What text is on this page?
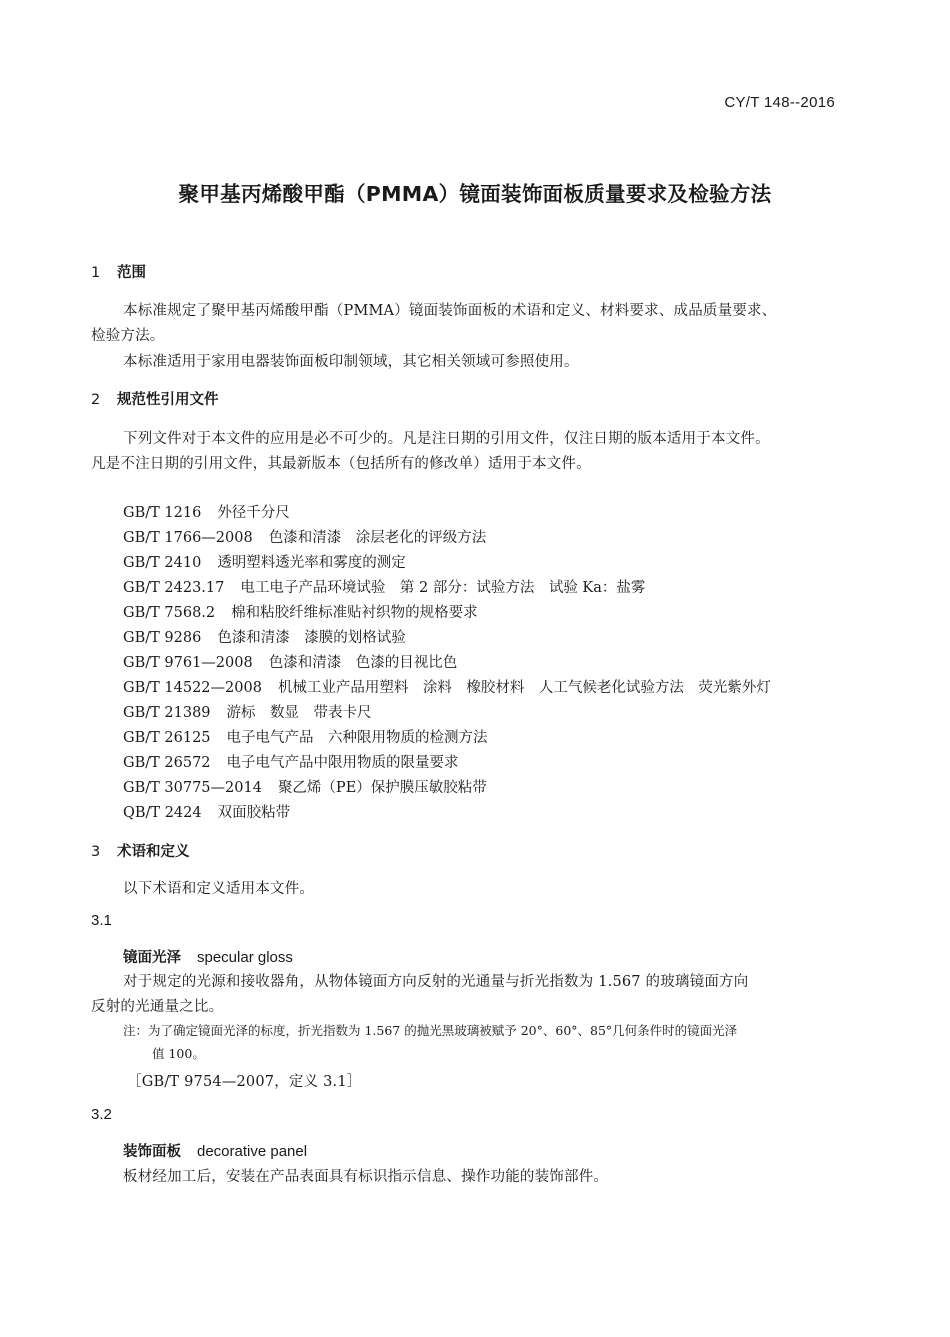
CY/T 148--2016
聚甲基丙烯酸甲酯（PMMA）镜面装饰面板质量要求及检验方法
1 范围
本标准规定了聚甲基丙烯酸甲酯（PMMA）镜面装饰面板的术语和定义、材料要求、成品质量要求、
检验方法。
本标准适用于家用电器装饰面板印制领域，其它相关领域可参照使用。
2 规范性引用文件
下列文件对于本文件的应用是必不可少的。凡是注日期的引用文件，仅注日期的版本适用于本文件。
凡是不注日期的引用文件，其最新版本（包括所有的修改单）适用于本文件。
GB/T 1216 外径千分尺
GB/T 1766—2008 色漆和清漆　涂层老化的评级方法
GB/T 2410 透明塑料透光率和雾度的测定
GB/T 2423.17 电工电子产品环境试验　第 2 部分：试验方法　试验 Ka：盐雾
GB/T 7568.2 棉和粘胶纤维标准贴衬织物的规格要求
GB/T 9286 色漆和清漆　漆膜的划格试验
GB/T 9761—2008 色漆和清漆　色漆的目视比色
GB/T 14522—2008 机械工业产品用塑料　涂料　橡胶材料　人工气候老化试验方法　荧光紫外灯
GB/T 21389 游标　数显　带表卡尺
GB/T 26125 电子电气产品　六种限用物质的检测方法
GB/T 26572 电子电气产品中限用物质的限量要求
GB/T 30775—2014 聚乙烯（PE）保护膜压敏胶粘带
QB/T 2424 双面胶粘带
3 术语和定义
以下术语和定义适用本文件。
3.1
镜面光泽 specular gloss
对于规定的光源和接收器角，从物体镜面方向反射的光通量与折光指数为 1.567 的玻璃镜面方向
反射的光通量之比。
注：为了确定镜面光泽的标度，折光指数为 1.567 的抛光黑玻璃被赋予 20°、60°、85°几何条件时的镜面光泽
值 100。
［GB/T 9754—2007，定义 3.1］
3.2
装饰面板 decorative panel
板材经加工后，安装在产品表面具有标识指示信息、操作功能的装饰部件。
